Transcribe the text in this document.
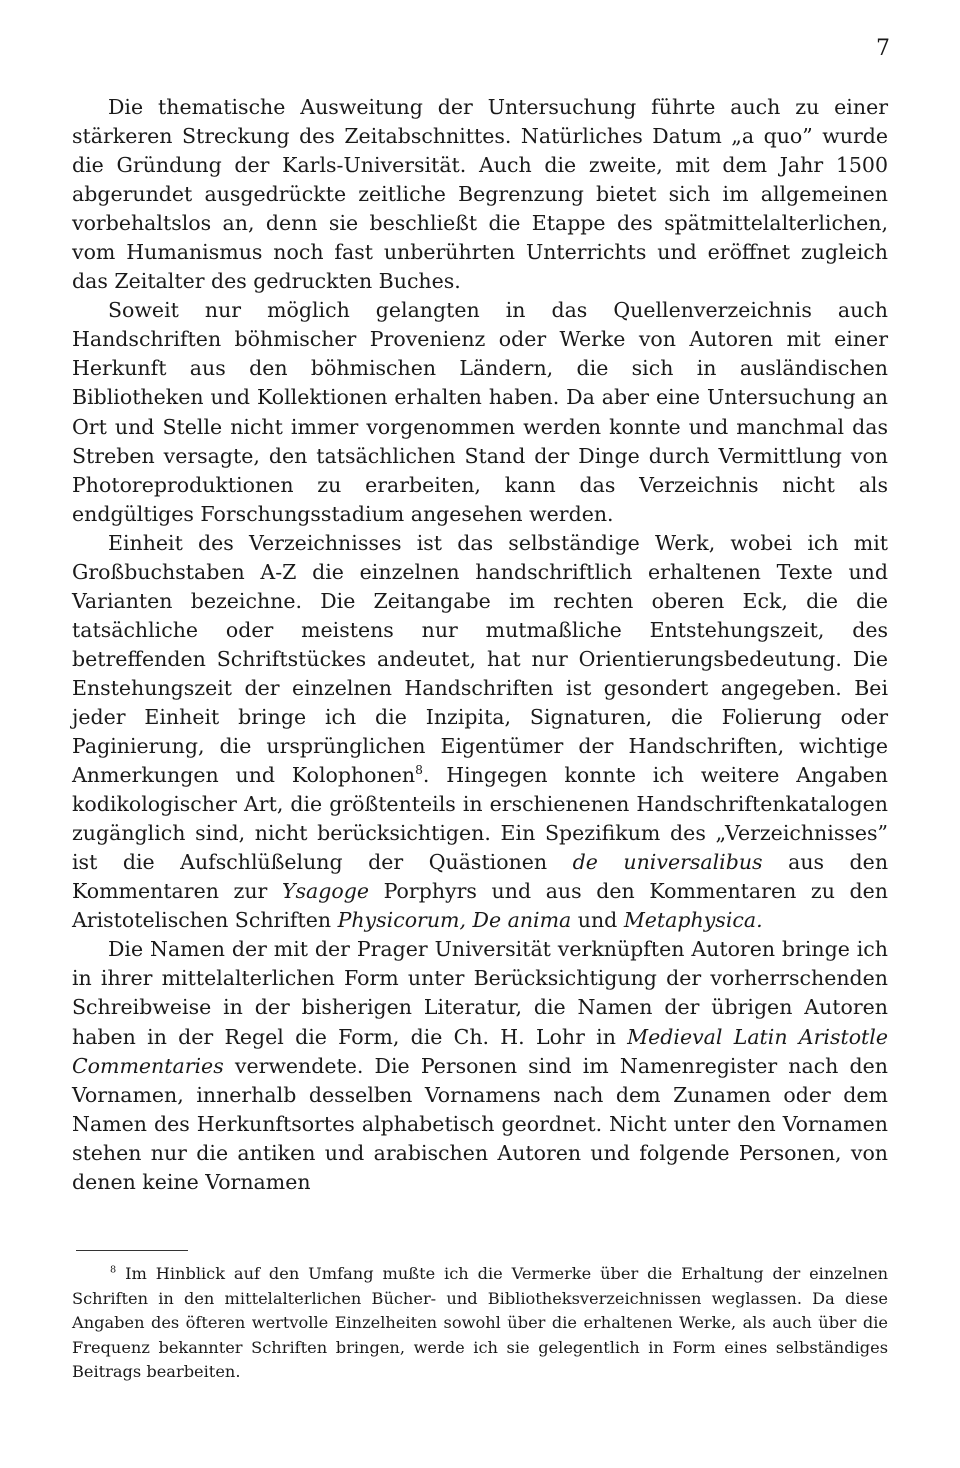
7

Die thematische Ausweitung der Untersuchung führte auch zu einer stärkeren Streckung des Zeitabschnittes. Natürliches Datum „a quo” wurde die Gründung der Karls-Universität. Auch die zweite, mit dem Jahr 1500 abgerundet ausgedrückte zeitliche Begrenzung bietet sich im allgemeinen vorbehaltslos an, denn sie beschließt die Etappe des spätmittelalterlichen, vom Humanismus noch fast unberührten Unterrichts und eröffnet zugleich das Zeitalter des gedruckten Buches.

Soweit nur möglich gelangten in das Quellenverzeichnis auch Handschriften böhmischer Provenienz oder Werke von Autoren mit einer Herkunft aus den böhmischen Ländern, die sich in ausländischen Bibliotheken und Kollektionen erhalten haben. Da aber eine Untersuchung an Ort und Stelle nicht immer vorgenommen werden konnte und manchmal das Streben versagte, den tatsächlichen Stand der Dinge durch Vermittlung von Photoreproduktionen zu erarbeiten, kann das Verzeichnis nicht als endgültiges Forschungsstadium angesehen werden.

Einheit des Verzeichnisses ist das selbständige Werk, wobei ich mit Großbuchstaben A-Z die einzelnen handschriftlich erhaltenen Texte und Varianten bezeichne. Die Zeitangabe im rechten oberen Eck, die die tatsächliche oder meistens nur mutmaßliche Entstehungszeit, des betreffenden Schriftstückes andeutet, hat nur Orientierungsbedeutung. Die Enstehungszeit der einzelnen Handschriften ist gesondert angegeben. Bei jeder Einheit bringe ich die Inzipita, Signaturen, die Folierung oder Paginierung, die ursprünglichen Eigentümer der Handschriften, wichtige Anmerkungen und Kolophonen$^8$. Hingegen konnte ich weitere Angaben kodikologischer Art, die größtenteils in erschienenen Handschriftenkatalogen zugänglich sind, nicht berücksichtigen. Ein Spezifikum des „Verzeichnisses” ist die Aufschlüßelung der Quästionen de universalibus aus den Kommentaren zur Ysagoge Porphyrs und aus den Kommentaren zu den Aristotelischen Schriften Physicorum, De anima und Metaphysica.

Die Namen der mit der Prager Universität verknüpften Autoren bringe ich in ihrer mittelalterlichen Form unter Berücksichtigung der vorherrschenden Schreibweise in der bisherigen Literatur, die Namen der übrigen Autoren haben in der Regel die Form, die Ch. H. Lohr in Medieval Latin Aristotle Commentaries verwendete. Die Personen sind im Namenregister nach den Vornamen, innerhalb desselben Vornamens nach dem Zunamen oder dem Namen des Herkunftsortes alphabetisch geordnet. Nicht unter den Vornamen stehen nur die antiken und arabischen Autoren und folgende Personen, von denen keine Vornamen

$^8$ Im Hinblick auf den Umfang mußte ich die Vermerke über die Erhaltung der einzelnen Schriften in den mittelalterlichen Bücher- und Bibliotheksverzeichnissen weglassen. Da diese Angaben des öfteren wertvolle Einzelheiten sowohl über die erhaltenen Werke, als auch über die Frequenz bekannter Schriften bringen, werde ich sie gelegentlich in Form eines selbständiges Beitrags bearbeiten.
